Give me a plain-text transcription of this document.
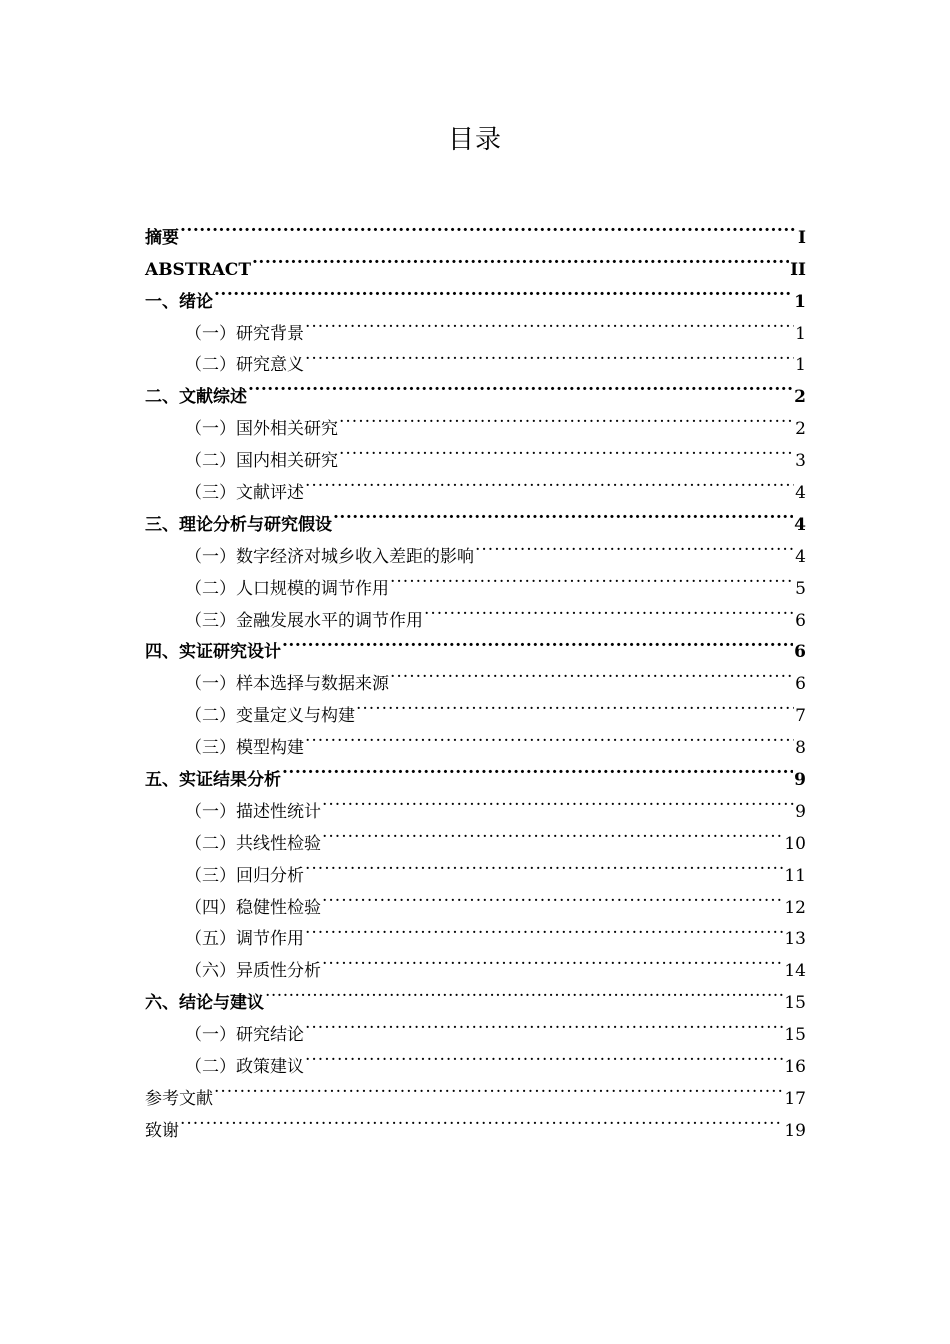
目录
摘要 .....	I
ABSTRACT .....	II
一、绪论 .....	1
（一）研究背景 .....	1
（二）研究意义 .....	1
二、文献综述 .....	2
（一）国外相关研究 .....	2
（二）国内相关研究 .....	3
（三）文献评述 .....	4
三、理论分析与研究假设 .....	4
（一）数字经济对城乡收入差距的影响 .....	4
（二）人口规模的调节作用 .....	5
（三）金融发展水平的调节作用 .....	6
四、实证研究设计 .....	6
（一）样本选择与数据来源 .....	6
（二）变量定义与构建 .....	7
（三）模型构建 .....	8
五、实证结果分析 .....	9
（一）描述性统计 .....	9
（二）共线性检验 .....	10
（三）回归分析 .....	11
（四）稳健性检验 .....	12
（五）调节作用 .....	13
（六）异质性分析 .....	14
六、结论与建议 .....	15
（一）研究结论 .....	15
（二）政策建议 .....	16
参考文献 .....	17
致谢 .....	19
